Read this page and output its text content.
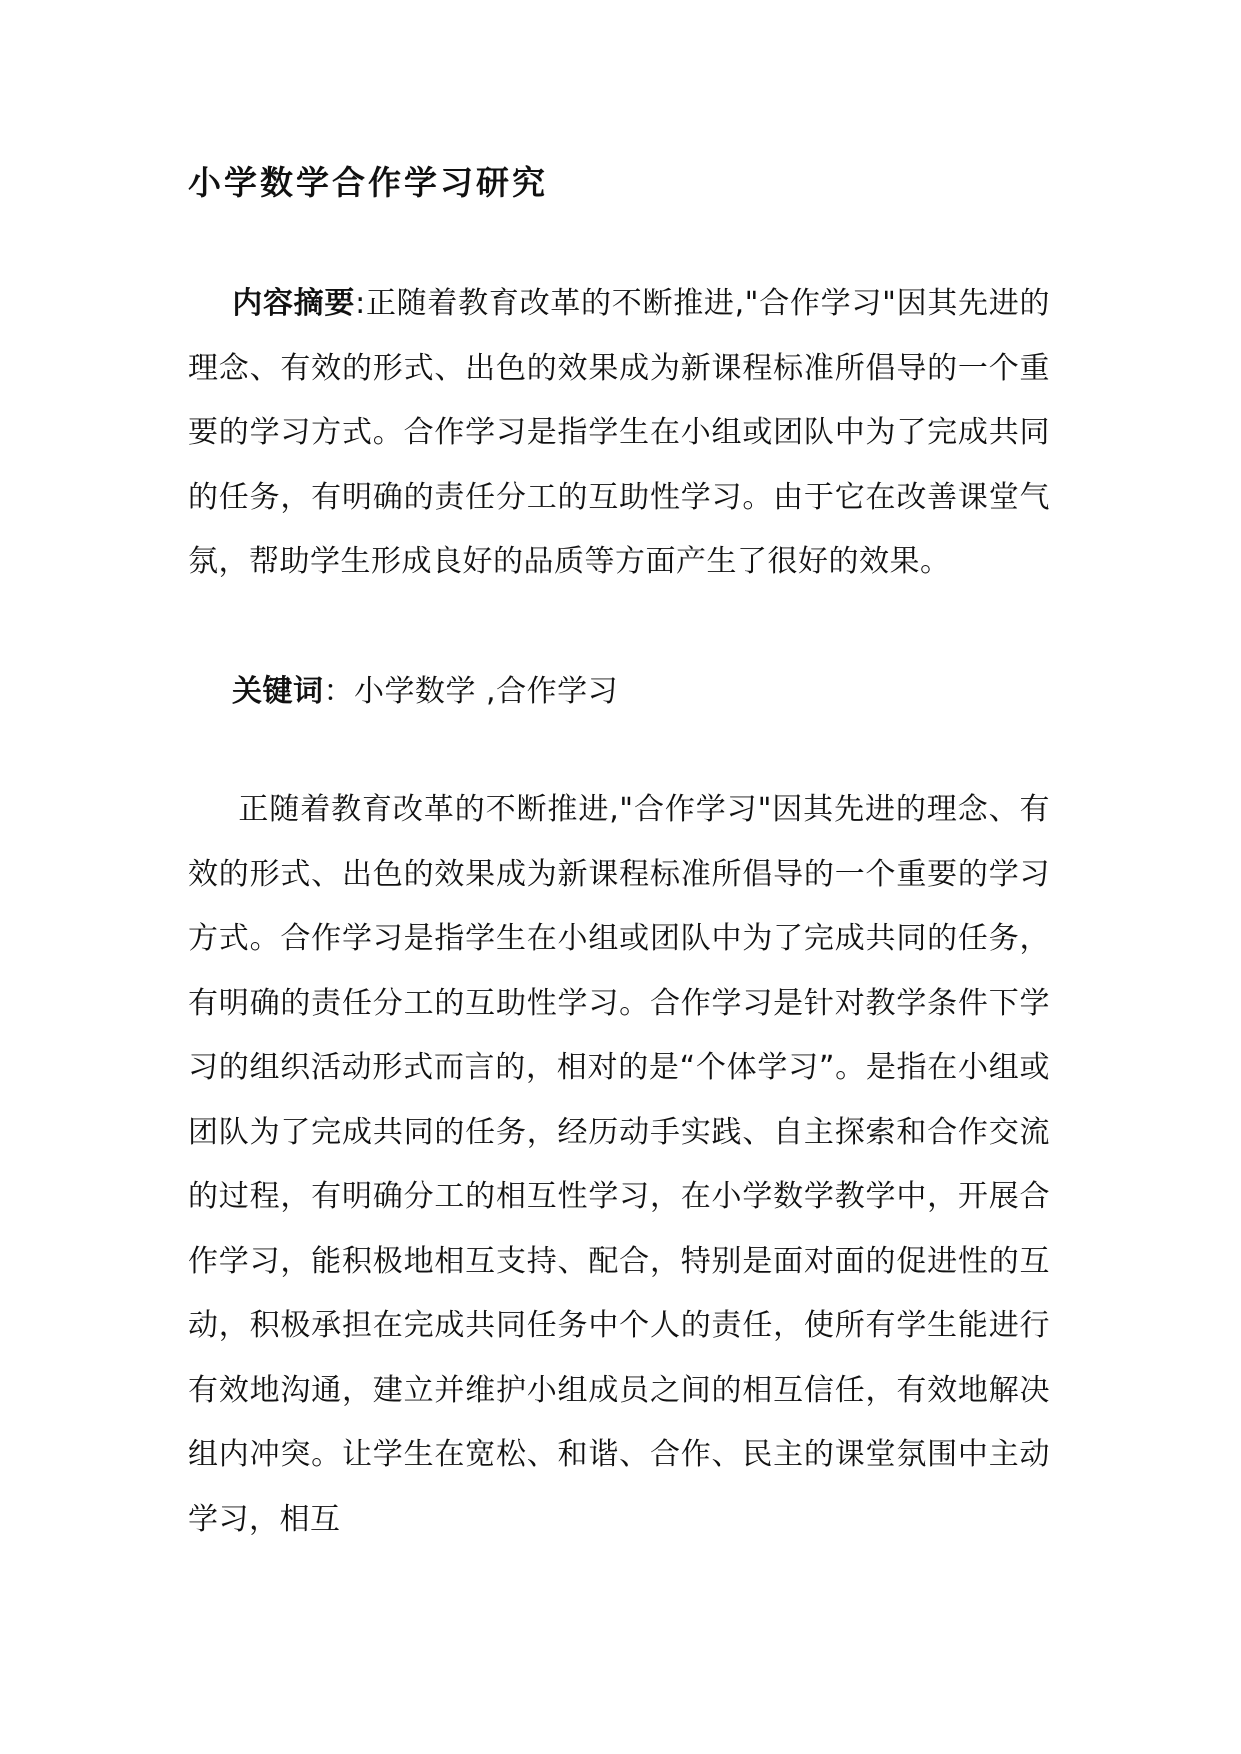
小学数学合作学习研究

内容摘要:正随着教育改革的不断推进,"合作学习"因其先进的理念、有效的形式、出色的效果成为新课程标准所倡导的一个重要的学习方式。合作学习是指学生在小组或团队中为了完成共同的任务，有明确的责任分工的互助性学习。由于它在改善课堂气氛，帮助学生形成良好的品质等方面产生了很好的效果。

关键词：小学数学 ,合作学习

正随着教育改革的不断推进,"合作学习"因其先进的理念、有效的形式、出色的效果成为新课程标准所倡导的一个重要的学习方式。合作学习是指学生在小组或团队中为了完成共同的任务，有明确的责任分工的互助性学习。合作学习是针对教学条件下学习的组织活动形式而言的，相对的是“个体学习”。是指在小组或团队为了完成共同的任务，经历动手实践、自主探索和合作交流的过程，有明确分工的相互性学习，在小学数学教学中，开展合作学习，能积极地相互支持、配合，特别是面对面的促进性的互动，积极承担在完成共同任务中个人的责任，使所有学生能进行有效地沟通，建立并维护小组成员之间的相互信任，有效地解决组内冲突。让学生在宽松、和谐、合作、民主的课堂氛围中主动学习，相互
